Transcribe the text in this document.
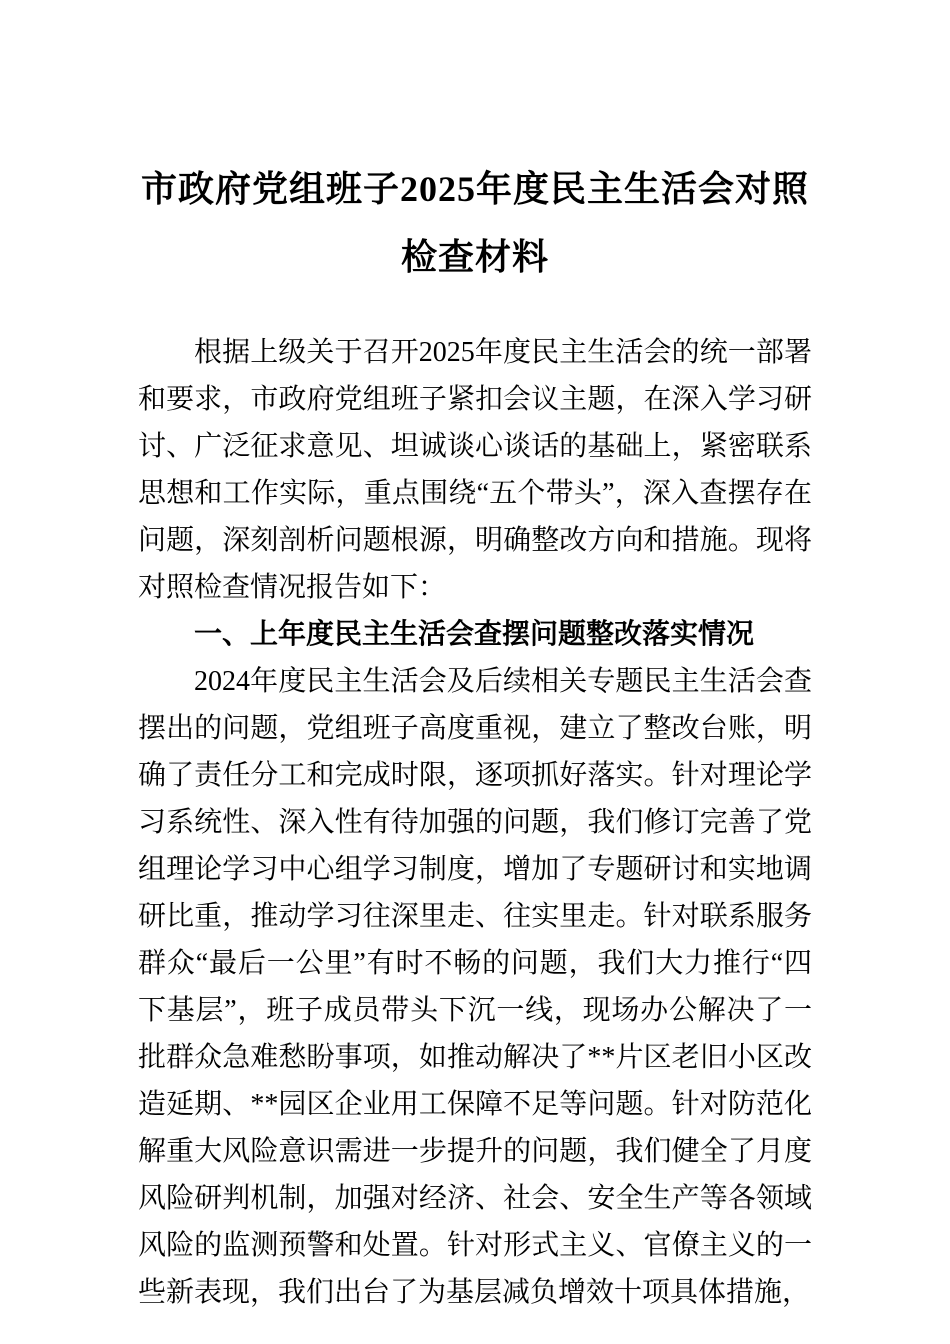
市政府党组班子2025年度民主生活会对照检查材料

根据上级关于召开2025年度民主生活会的统一部署和要求，市政府党组班子紧扣会议主题，在深入学习研讨、广泛征求意见、坦诚谈心谈话的基础上，紧密联系思想和工作实际，重点围绕“五个带头”，深入查摆存在问题，深刻剖析问题根源，明确整改方向和措施。现将对照检查情况报告如下：

一、上年度民主生活会查摆问题整改落实情况

2024年度民主生活会及后续相关专题民主生活会查摆出的问题，党组班子高度重视，建立了整改台账，明确了责任分工和完成时限，逐项抓好落实。针对理论学习系统性、深入性有待加强的问题，我们修订完善了党组理论学习中心组学习制度，增加了专题研讨和实地调研比重，推动学习往深里走、往实里走。针对联系服务群众“最后一公里”有时不畅的问题，我们大力推行“四下基层”，班子成员带头下沉一线，现场办公解决了一批群众急难愁盼事项，如推动解决了**片区老旧小区改造延期、**园区企业用工保障不足等问题。针对防范化解重大风险意识需进一步提升的问题，我们健全了月度风险研判机制，加强对经济、社会、安全生产等各领域风险的监测预警和处置。针对形式主义、官僚主义的一些新表现，我们出台了为基层减负增效十项具体措施，
